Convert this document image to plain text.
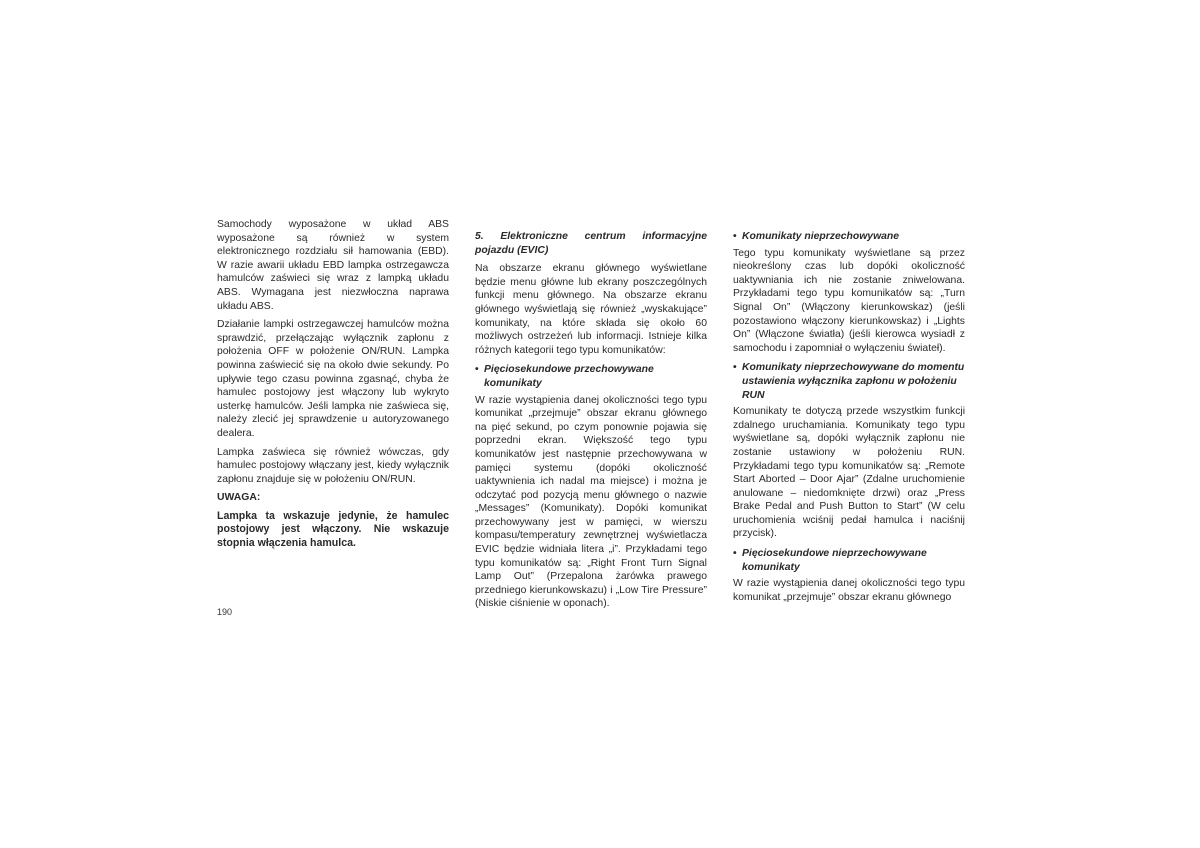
Samochody wyposażone w układ ABS wyposażone są również w system elektronicznego rozdziału sił hamowania (EBD). W razie awarii układu EBD lampka ostrzegawcza hamulców zaświeci się wraz z lampką układu ABS. Wymagana jest niezwłoczna naprawa układu ABS.

Działanie lampki ostrzegawczej hamulców można sprawdzić, przełączając wyłącznik zapłonu z położenia OFF w położenie ON/RUN. Lampka powinna zaświecić się na około dwie sekundy. Po upływie tego czasu powinna zgasnąć, chyba że hamulec postojowy jest włączony lub wykryto usterkę hamulców. Jeśli lampka nie zaświeca się, należy zlecić jej sprawdzenie u autoryzowanego dealera.

Lampka zaświeca się również wówczas, gdy hamulec postojowy włączany jest, kiedy wyłącznik zapłonu znajduje się w położeniu ON/RUN.

UWAGA:

Lampka ta wskazuje jedynie, że hamulec postojowy jest włączony. Nie wskazuje stopnia włączenia hamulca.

5. Elektroniczne centrum informacyjne pojazdu (EVIC)

Na obszarze ekranu głównego wyświetlane będzie menu główne lub ekrany poszczególnych funkcji menu głównego. Na obszarze ekranu głównego wyświetlają się również „wyskakujące” komunikaty, na które składa się około 60 możliwych ostrzeżeń lub informacji. Istnieje kilka różnych kategorii tego typu komunikatów:

• Pięciosekundowe przechowywane komunikaty

W razie wystąpienia danej okoliczności tego typu komunikat „przejmuje” obszar ekranu głównego na pięć sekund, po czym ponownie pojawia się poprzedni ekran. Większość tego typu komunikatów jest następnie przechowywana w pamięci systemu (dopóki okoliczność uaktywnienia ich nadal ma miejsce) i można je odczytać pod pozycją menu głównego o nazwie „Messages” (Komunikaty). Dopóki komunikat przechowywany jest w pamięci, w wierszu kompasu/temperatury zewnętrznej wyświetlacza EVIC będzie widniała litera „i”. Przykładami tego typu komunikatów są: „Right Front Turn Signal Lamp Out” (Przepalona żarówka prawego przedniego kierunkowskazu) i „Low Tire Pressure” (Niskie ciśnienie w oponach).

• Komunikaty nieprzechowywane

Tego typu komunikaty wyświetlane są przez nieokreślony czas lub dopóki okoliczność uaktywniania ich nie zostanie zniwelowana. Przykładami tego typu komunikatów są: „Turn Signal On” (Włączony kierunkowskaz) (jeśli pozostawiono włączony kierunkowskaz) i „Lights On” (Włączone światła) (jeśli kierowca wysiadł z samochodu i zapomniał o wyłączeniu świateł).

• Komunikaty nieprzechowywane do momentu ustawienia wyłącznika zapłonu w położeniu RUN

Komunikaty te dotyczą przede wszystkim funkcji zdalnego uruchamiania. Komunikaty tego typu wyświetlane są, dopóki wyłącznik zapłonu nie zostanie ustawiony w położeniu RUN. Przykładami tego typu komunikatów są: „Remote Start Aborted – Door Ajar” (Zdalne uruchomienie anulowane – niedomknięte drzwi) oraz „Press Brake Pedal and Push Button to Start” (W celu uruchomienia wciśnij pedał hamulca i naciśnij przycisk).

• Pięciosekundowe nieprzechowywane komunikaty

W razie wystąpienia danej okoliczności tego typu komunikat „przejmuje” obszar ekranu głównego

190
